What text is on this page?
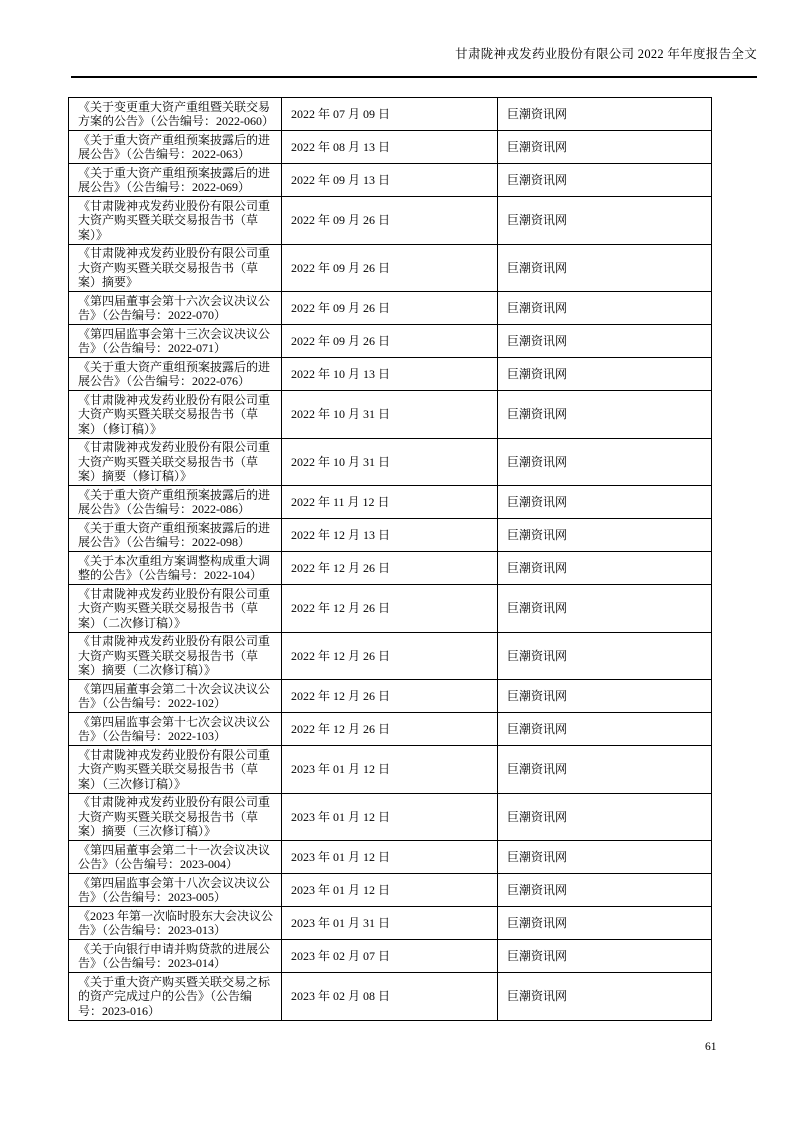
甘肃陇神戎发药业股份有限公司 2022 年年度报告全文
《关于变更重大资产重组暨关联交易方案的公告》（公告编号：2022-060）	2022 年 07 月 09 日	巨潮资讯网
《关于重大资产重组预案披露后的进展公告》（公告编号：2022-063）	2022 年 08 月 13 日	巨潮资讯网
《关于重大资产重组预案披露后的进展公告》（公告编号：2022-069）	2022 年 09 月 13 日	巨潮资讯网
《甘肃陇神戎发药业股份有限公司重大资产购买暨关联交易报告书（草案）》	2022 年 09 月 26 日	巨潮资讯网
《甘肃陇神戎发药业股份有限公司重大资产购买暨关联交易报告书（草案）摘要》	2022 年 09 月 26 日	巨潮资讯网
《第四届董事会第十六次会议决议公告》（公告编号：2022-070）	2022 年 09 月 26 日	巨潮资讯网
《第四届监事会第十三次会议决议公告》（公告编号：2022-071）	2022 年 09 月 26 日	巨潮资讯网
《关于重大资产重组预案披露后的进展公告》（公告编号：2022-076）	2022 年 10 月 13 日	巨潮资讯网
《甘肃陇神戎发药业股份有限公司重大资产购买暨关联交易报告书（草案）（修订稿）》	2022 年 10 月 31 日	巨潮资讯网
《甘肃陇神戎发药业股份有限公司重大资产购买暨关联交易报告书（草案）摘要（修订稿）》	2022 年 10 月 31 日	巨潮资讯网
《关于重大资产重组预案披露后的进展公告》（公告编号：2022-086）	2022 年 11 月 12 日	巨潮资讯网
《关于重大资产重组预案披露后的进展公告》（公告编号：2022-098）	2022 年 12 月 13 日	巨潮资讯网
《关于本次重组方案调整构成重大调整的公告》（公告编号：2022-104）	2022 年 12 月 26 日	巨潮资讯网
《甘肃陇神戎发药业股份有限公司重大资产购买暨关联交易报告书（草案）（二次修订稿）》	2022 年 12 月 26 日	巨潮资讯网
《甘肃陇神戎发药业股份有限公司重大资产购买暨关联交易报告书（草案）摘要（二次修订稿）》	2022 年 12 月 26 日	巨潮资讯网
《第四届董事会第二十次会议决议公告》（公告编号：2022-102）	2022 年 12 月 26 日	巨潮资讯网
《第四届监事会第十七次会议决议公告》（公告编号：2022-103）	2022 年 12 月 26 日	巨潮资讯网
《甘肃陇神戎发药业股份有限公司重大资产购买暨关联交易报告书（草案）（三次修订稿）》	2023 年 01 月 12 日	巨潮资讯网
《甘肃陇神戎发药业股份有限公司重大资产购买暨关联交易报告书（草案）摘要（三次修订稿）》	2023 年 01 月 12 日	巨潮资讯网
《第四届董事会第二十一次会议决议公告》（公告编号：2023-004）	2023 年 01 月 12 日	巨潮资讯网
《第四届监事会第十八次会议决议公告》（公告编号：2023-005）	2023 年 01 月 12 日	巨潮资讯网
《2023 年第一次临时股东大会决议公告》（公告编号：2023-013）	2023 年 01 月 31 日	巨潮资讯网
《关于向银行申请并购贷款的进展公告》（公告编号：2023-014）	2023 年 02 月 07 日	巨潮资讯网
《关于重大资产购买暨关联交易之标的资产完成过户的公告》（公告编号：2023-016）	2023 年 02 月 08 日	巨潮资讯网
61
